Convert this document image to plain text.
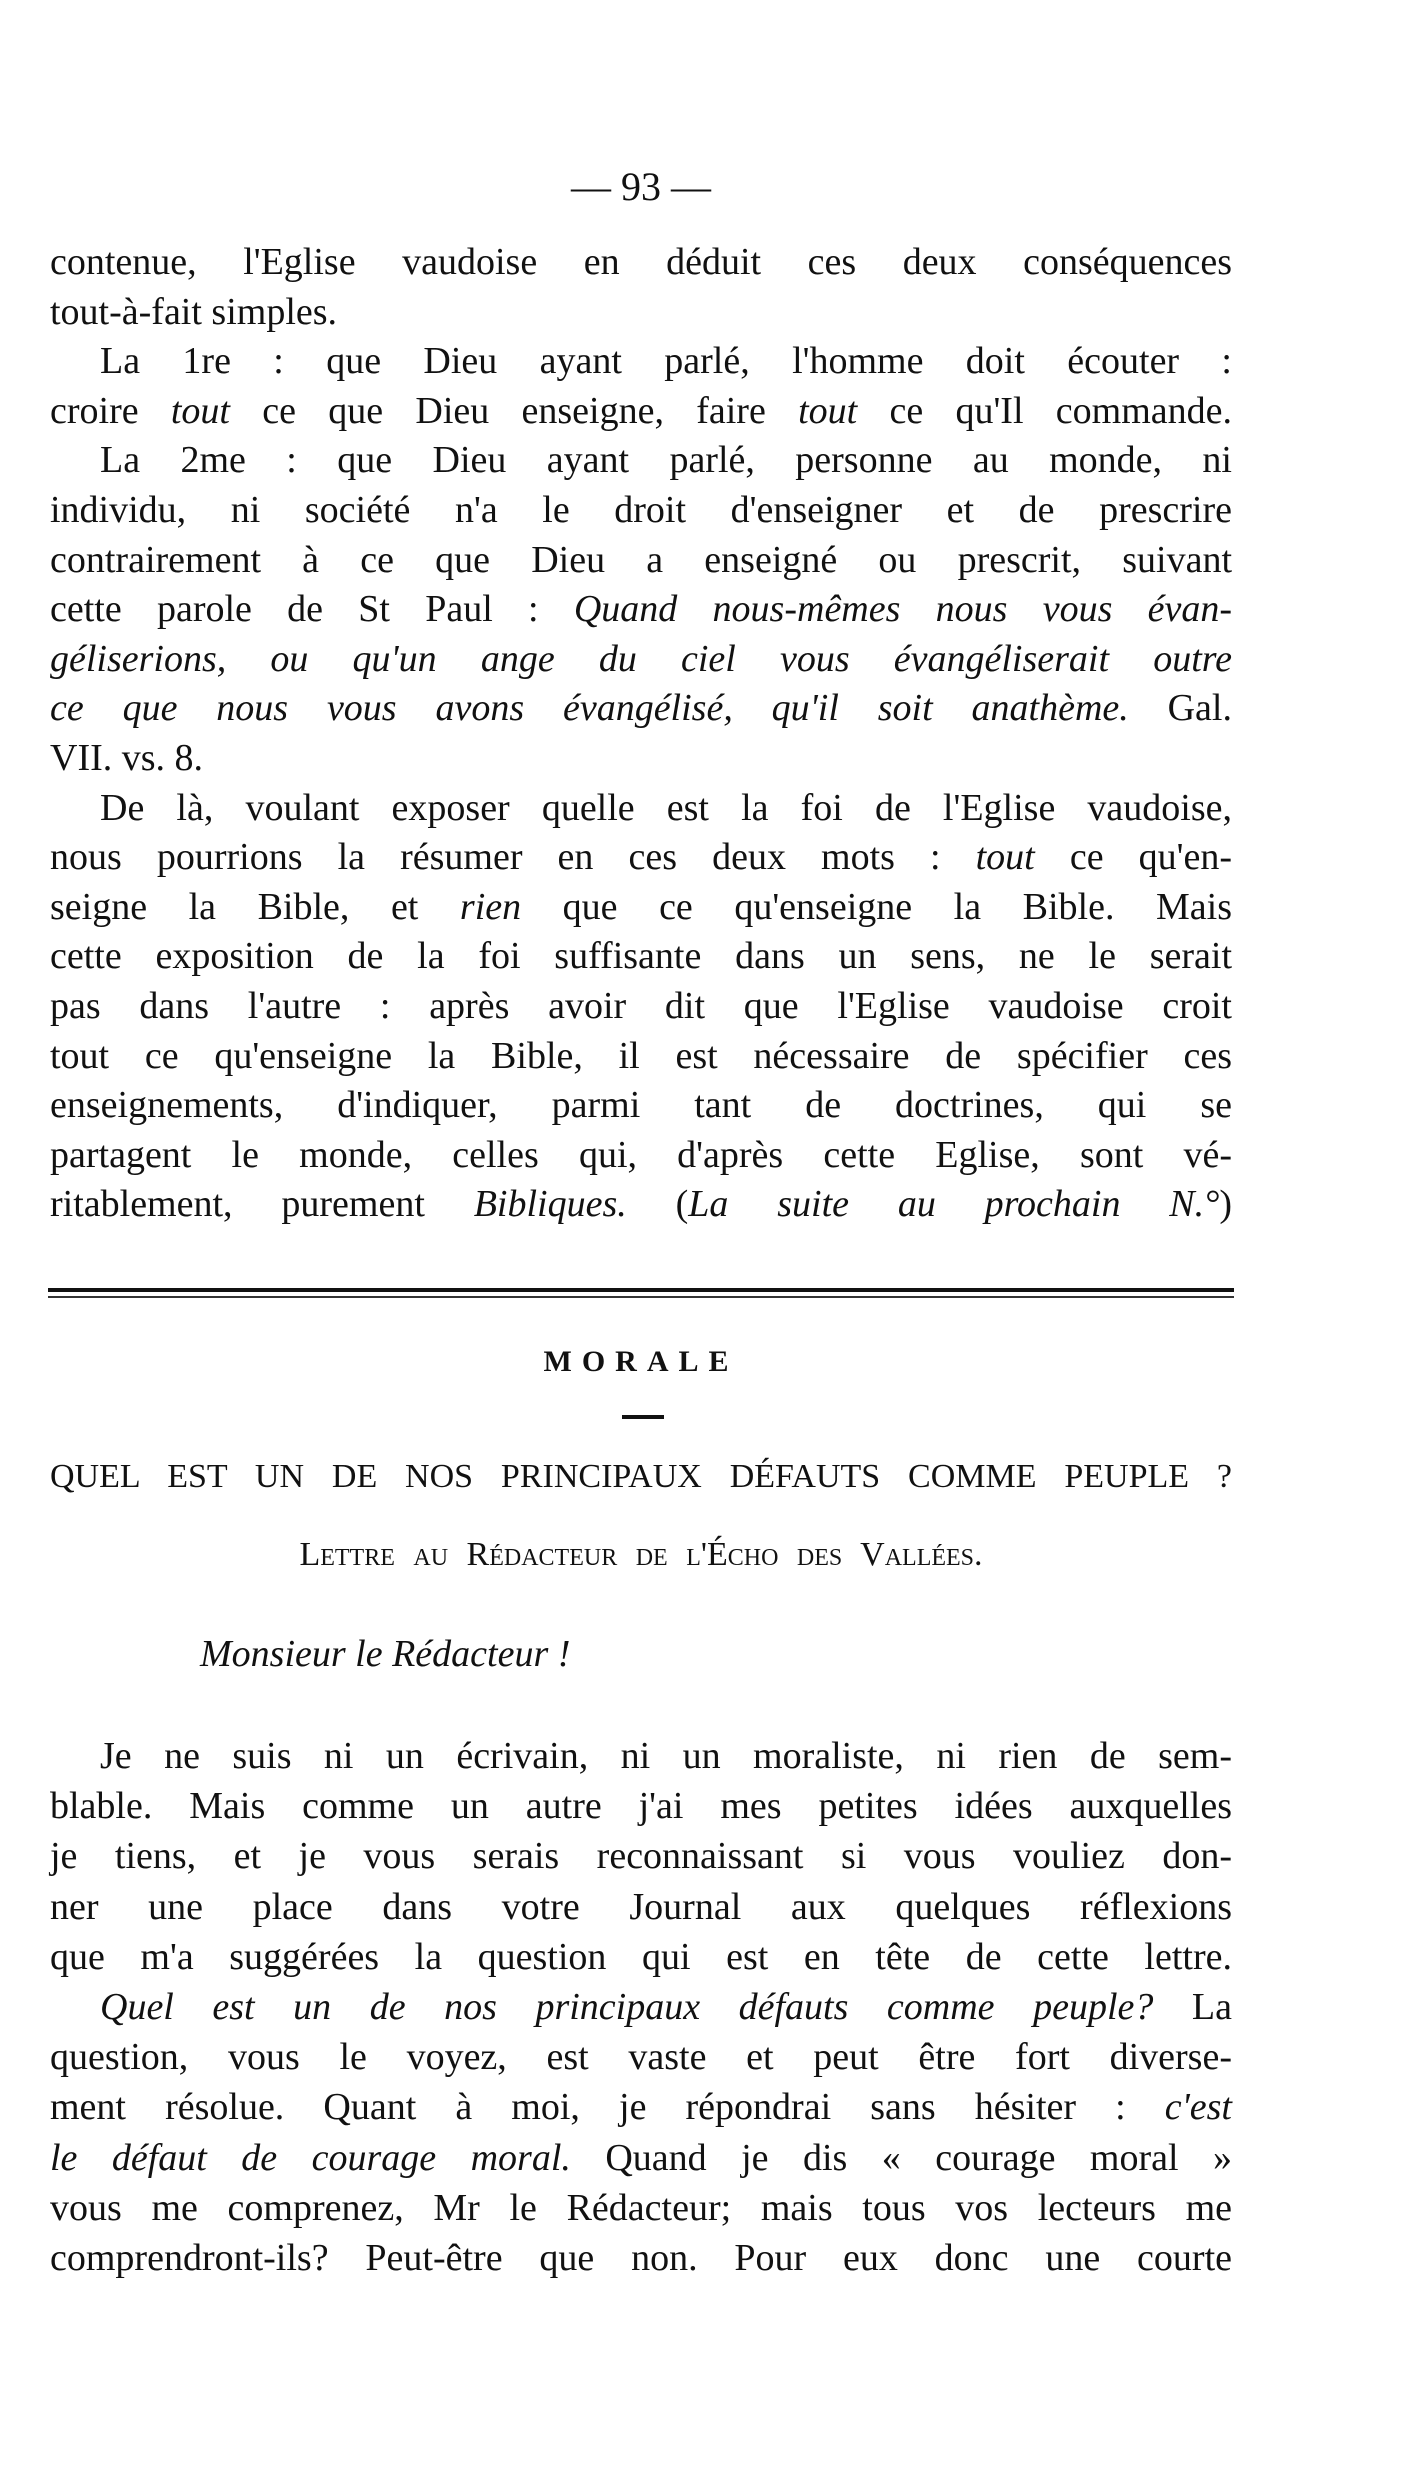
— 93 —
contenue, l'Eglise vaudoise en déduit ces deux conséquences
tout-à-fait simples.
La 1re : que Dieu ayant parlé, l'homme doit écouter :
croire tout ce que Dieu enseigne, faire tout ce qu'Il commande.
La 2me : que Dieu ayant parlé, personne au monde, ni
individu, ni société n'a le droit d'enseigner et de prescrire
contrairement à ce que Dieu a enseigné ou prescrit, suivant
cette parole de St Paul : Quand nous-mêmes nous vous évan-
géliserions, ou qu'un ange du ciel vous évangéliserait outre
ce que nous vous avons évangélisé, qu'il soit anathème. Gal.
VII. vs. 8.
De là, voulant exposer quelle est la foi de l'Eglise vaudoise,
nous pourrions la résumer en ces deux mots : tout ce qu'en-
seigne la Bible, et rien que ce qu'enseigne la Bible. Mais
cette exposition de la foi suffisante dans un sens, ne le serait
pas dans l'autre : après avoir dit que l'Eglise vaudoise croit
tout ce qu'enseigne la Bible, il est nécessaire de spécifier ces
enseignements, d'indiquer, parmi tant de doctrines, qui se
partagent le monde, celles qui, d'après cette Eglise, sont vé-
ritablement, purement Bibliques. (La suite au prochain N.°)
MORALE
QUEL EST UN DE NOS PRINCIPAUX DÉFAUTS COMME PEUPLE ?
Lettre au Rédacteur de l'Écho des Vallées.
Monsieur le Rédacteur !
Je ne suis ni un écrivain, ni un moraliste, ni rien de sem-
blable. Mais comme un autre j'ai mes petites idées auxquelles
je tiens, et je vous serais reconnaissant si vous vouliez don-
ner une place dans votre Journal aux quelques réflexions
que m'a suggérées la question qui est en tête de cette lettre.
Quel est un de nos principaux défauts comme peuple? La
question, vous le voyez, est vaste et peut être fort diverse-
ment résolue. Quant à moi, je répondrai sans hésiter : c'est
le défaut de courage moral. Quand je dis « courage moral »
vous me comprenez, Mr le Rédacteur; mais tous vos lecteurs me
comprendront-ils? Peut-être que non. Pour eux donc une courte
